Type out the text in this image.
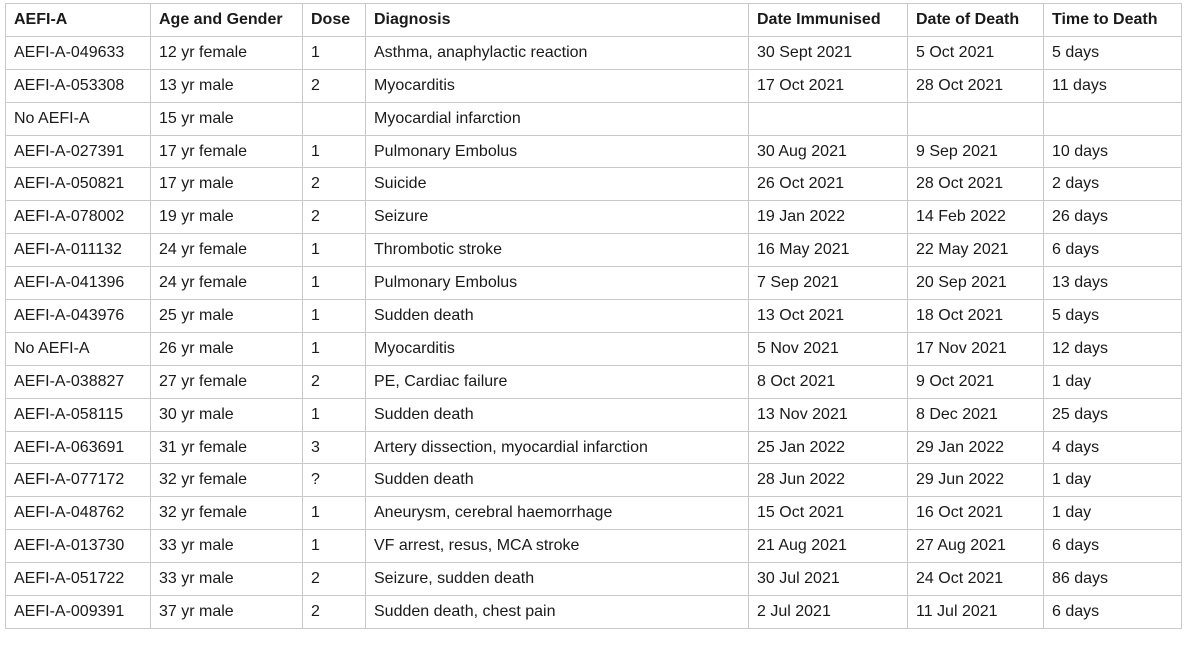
AEFI-A	Age and Gender	Dose	Diagnosis	Date Immunised	Date of Death	Time to Death
AEFI-A-049633	12 yr female	1	Asthma, anaphylactic reaction	30 Sept 2021	5 Oct 2021	5 days
AEFI-A-053308	13 yr male	2	Myocarditis	17 Oct 2021	28 Oct 2021	11 days
No AEFI-A	15 yr male		Myocardial infarction			
AEFI-A-027391	17 yr female	1	Pulmonary Embolus	30 Aug 2021	9 Sep 2021	10 days
AEFI-A-050821	17 yr male	2	Suicide	26 Oct 2021	28 Oct 2021	2 days
AEFI-A-078002	19 yr male	2	Seizure	19 Jan 2022	14 Feb 2022	26 days
AEFI-A-011132	24 yr female	1	Thrombotic stroke	16 May 2021	22 May 2021	6 days
AEFI-A-041396	24 yr female	1	Pulmonary Embolus	7 Sep 2021	20 Sep 2021	13 days
AEFI-A-043976	25 yr male	1	Sudden death	13 Oct 2021	18 Oct 2021	5 days
No AEFI-A	26 yr male	1	Myocarditis	5 Nov 2021	17 Nov 2021	12 days
AEFI-A-038827	27 yr female	2	PE, Cardiac failure	8 Oct 2021	9 Oct 2021	1 day
AEFI-A-058115	30 yr male	1	Sudden death	13 Nov 2021	8 Dec 2021	25 days
AEFI-A-063691	31 yr female	3	Artery dissection, myocardial infarction	25 Jan 2022	29 Jan 2022	4 days
AEFI-A-077172	32 yr female	?	Sudden death	28 Jun 2022	29 Jun 2022	1 day
AEFI-A-048762	32 yr female	1	Aneurysm, cerebral haemorrhage	15 Oct 2021	16 Oct 2021	1 day
AEFI-A-013730	33 yr male	1	VF arrest, resus, MCA stroke	21 Aug 2021	27 Aug 2021	6 days
AEFI-A-051722	33 yr male	2	Seizure, sudden death	30 Jul 2021	24 Oct 2021	86 days
AEFI-A-009391	37 yr male	2	Sudden death, chest pain	2 Jul 2021	11 Jul 2021	6 days
